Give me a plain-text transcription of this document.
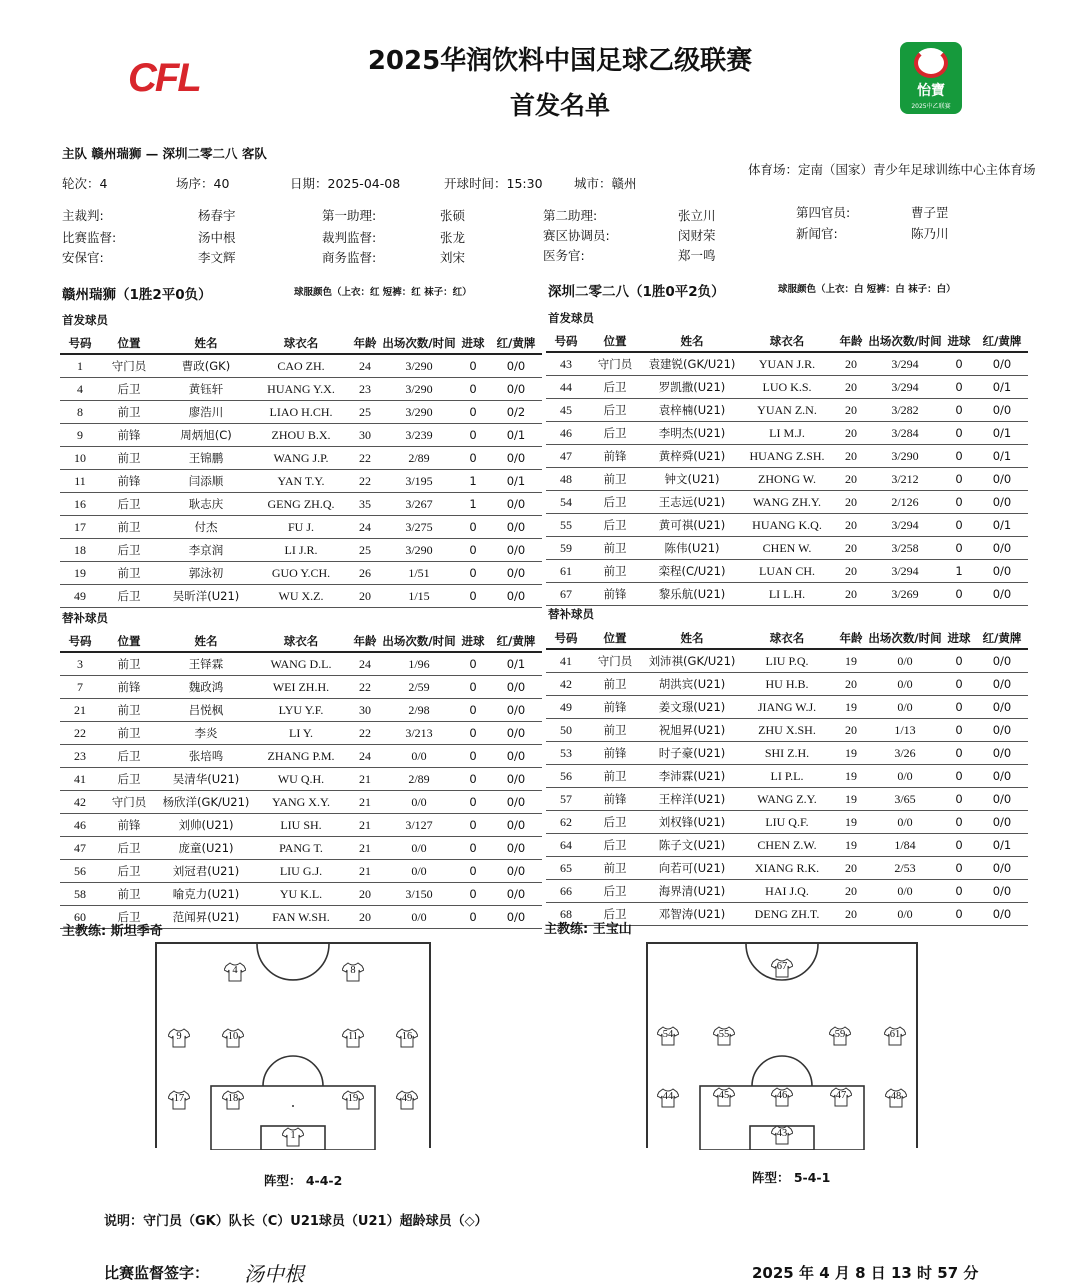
CFL	2025华润饮料中国足球乙级联赛
首发名单	怡寶
2025中乙联赛
主队 赣州瑞狮 — 深圳二零二八 客队
轮次：4	场序：40	日期：2025-04-08	开球时间：15:30	城市：赣州
体育场：定南（国家）青少年足球训练中心主体育场
主裁判:	杨春宇	第一助理:	张硕	第二助理:	张立川	第四官员:	曹子罡
比赛监督:	汤中根	裁判监督:	张龙	赛区协调员:	闵财荣	新闻官:	陈乃川
安保官:	李文辉	商务监督:	刘宋	医务官:	郑一鸣
赣州瑞狮（1胜2平0负）	球服颜色（上衣：红 短裤：红 袜子：红）	深圳二零二八（1胜0平2负）	球服颜色（上衣：白 短裤：白 袜子：白）
首发球员	首发球员
号码	位置	姓名	球衣名	年龄	出场次数/时间	进球	红/黄牌
1	守门员	曹政(GK)	CAO ZH.	24	3/290	0	0/0
4	后卫	黄钰轩	HUANG Y.X.	23	3/290	0	0/0
8	前卫	廖浩川	LIAO H.CH.	25	3/290	0	0/2
9	前锋	周炳旭(C)	ZHOU B.X.	30	3/239	0	0/1
10	前卫	王锦鹏	WANG J.P.	22	2/89	0	0/0
11	前锋	闫添顺	YAN T.Y.	22	3/195	1	0/1
16	后卫	耿志庆	GENG ZH.Q.	35	3/267	1	0/0
17	前卫	付杰	FU J.	24	3/275	0	0/0
18	后卫	李京润	LI J.R.	25	3/290	0	0/0
19	前卫	郭泳初	GUO Y.CH.	26	1/51	0	0/0
49	后卫	吴昕洋(U21)	WU X.Z.	20	1/15	0	0/0
号码	位置	姓名	球衣名	年龄	出场次数/时间	进球	红/黄牌
43	守门员	袁建锐(GK/U21)	YUAN J.R.	20	3/294	0	0/0
44	后卫	罗凯撒(U21)	LUO K.S.	20	3/294	0	0/1
45	后卫	袁梓楠(U21)	YUAN Z.N.	20	3/282	0	0/0
46	后卫	李明杰(U21)	LI M.J.	20	3/284	0	0/1
47	前锋	黄梓舜(U21)	HUANG Z.SH.	20	3/290	0	0/1
48	前卫	钟文(U21)	ZHONG W.	20	3/212	0	0/0
54	后卫	王志远(U21)	WANG ZH.Y.	20	2/126	0	0/0
55	后卫	黄可祺(U21)	HUANG K.Q.	20	3/294	0	0/1
59	前卫	陈伟(U21)	CHEN W.	20	3/258	0	0/0
61	前卫	栾程(C/U21)	LUAN CH.	20	3/294	1	0/0
67	前锋	黎乐航(U21)	LI L.H.	20	3/269	0	0/0
替补球员	替补球员
号码	位置	姓名	球衣名	年龄	出场次数/时间	进球	红/黄牌
3	前卫	王铎霖	WANG D.L.	24	1/96	0	0/1
7	前锋	魏政鸿	WEI ZH.H.	22	2/59	0	0/0
21	前卫	吕悦枫	LYU Y.F.	30	2/98	0	0/0
22	前卫	李炎	LI Y.	22	3/213	0	0/0
23	后卫	张培鸣	ZHANG P.M.	24	0/0	0	0/0
41	后卫	吴清华(U21)	WU Q.H.	21	2/89	0	0/0
42	守门员	杨欣洋(GK/U21)	YANG X.Y.	21	0/0	0	0/0
46	前锋	刘帅(U21)	LIU SH.	21	3/127	0	0/0
47	后卫	庞童(U21)	PANG T.	21	0/0	0	0/0
56	后卫	刘冠君(U21)	LIU G.J.	21	0/0	0	0/0
58	前卫	喻克力(U21)	YU K.L.	20	3/150	0	0/0
60	后卫	范闻昇(U21)	FAN W.SH.	20	0/0	0	0/0
号码	位置	姓名	球衣名	年龄	出场次数/时间	进球	红/黄牌
41	守门员	刘沛祺(GK/U21)	LIU P.Q.	19	0/0	0	0/0
42	前卫	胡洪宾(U21)	HU H.B.	20	0/0	0	0/0
49	前锋	姜文璟(U21)	JIANG W.J.	19	0/0	0	0/0
50	前卫	祝旭昇(U21)	ZHU X.SH.	20	1/13	0	0/0
53	前锋	时子豪(U21)	SHI Z.H.	19	3/26	0	0/0
56	前卫	李沛霖(U21)	LI P.L.	19	0/0	0	0/0
57	前锋	王梓洋(U21)	WANG Z.Y.	19	3/65	0	0/0
62	后卫	刘权锋(U21)	LIU Q.F.	19	0/0	0	0/0
64	后卫	陈子文(U21)	CHEN Z.W.	19	1/84	0	0/1
65	前卫	向若可(U21)	XIANG R.K.	20	2/53	0	0/0
66	后卫	海界清(U21)	HAI J.Q.	20	0/0	0	0/0
68	后卫	邓智涛(U21)	DENG ZH.T.	20	0/0	0	0/0
主教练: 斯坦季奇	主教练: 王宝山
4	8
9	10	11	16
17	18	19	49
1
67
54	55	59	61
44	45	46	47	48
43
阵型： 4-4-2	阵型： 5-4-1
说明：守门员（GK）队长（C）U21球员（U21）超龄球员（◇）
比赛监督签字： 汤中根	2025 年 4 月 8 日 13 时 57 分
